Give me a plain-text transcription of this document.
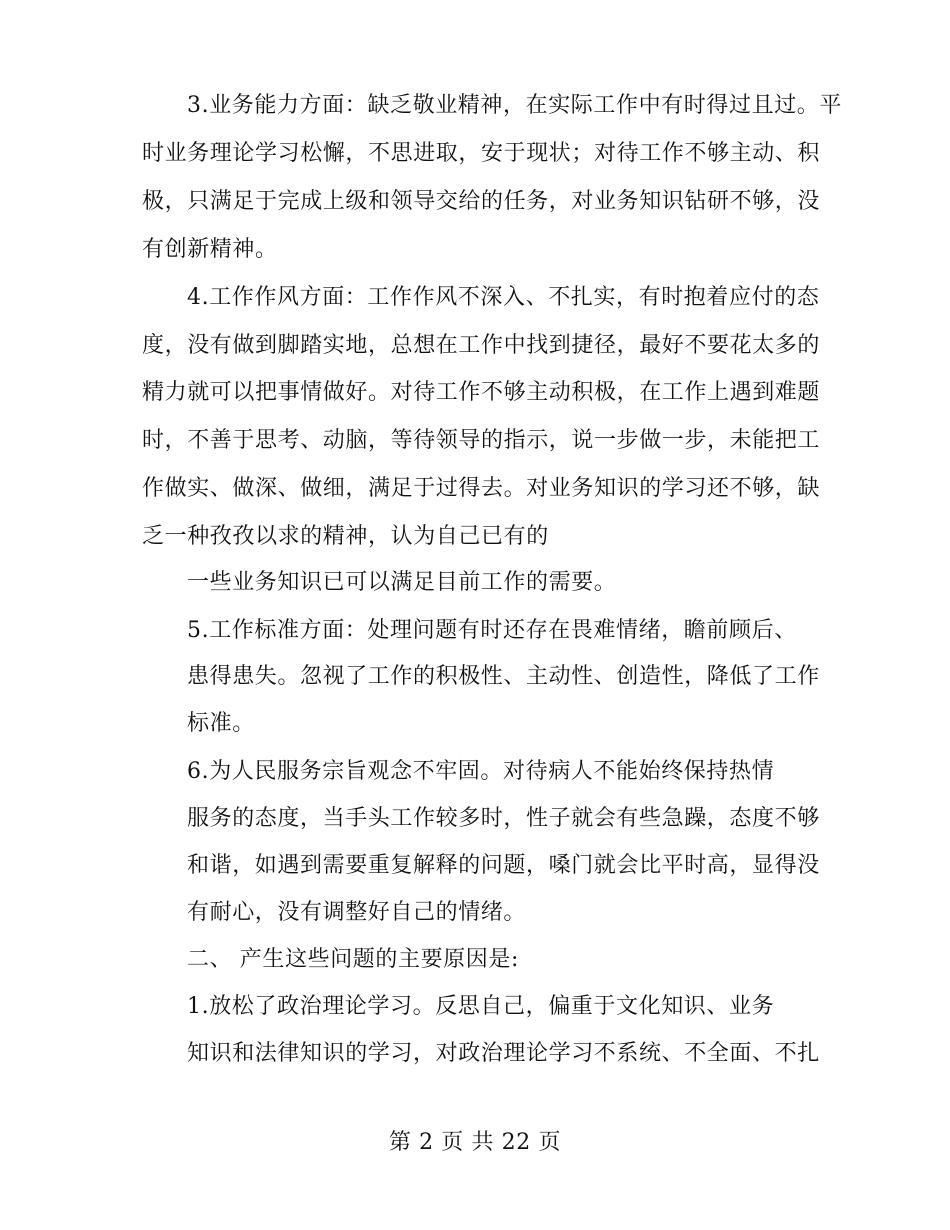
3.业务能力方面：缺乏敬业精神，在实际工作中有时得过且过。平
时业务理论学习松懈，不思进取，安于现状；对待工作不够主动、积
极，只满足于完成上级和领导交给的任务，对业务知识钻研不够，没
有创新精神。
4.工作作风方面：工作作风不深入、不扎实，有时抱着应付的态
度，没有做到脚踏实地，总想在工作中找到捷径，最好不要花太多的
精力就可以把事情做好。对待工作不够主动积极，在工作上遇到难题
时，不善于思考、动脑，等待领导的指示，说一步做一步，未能把工
作做实、做深、做细，满足于过得去。对业务知识的学习还不够，缺
乏一种孜孜以求的精神，认为自己已有的
一些业务知识已可以满足目前工作的需要。
5.工作标准方面：处理问题有时还存在畏难情绪，瞻前顾后、
患得患失。忽视了工作的积极性、主动性、创造性，降低了工作
标准。
6.为人民服务宗旨观念不牢固。对待病人不能始终保持热情
服务的态度，当手头工作较多时，性子就会有些急躁，态度不够
和谐，如遇到需要重复解释的问题，嗓门就会比平时高，显得没
有耐心，没有调整好自己的情绪。
二、 产生这些问题的主要原因是:
1.放松了政治理论学习。反思自己，偏重于文化知识、业务
知识和法律知识的学习，对政治理论学习不系统、不全面、不扎
第 2 页 共 22 页
